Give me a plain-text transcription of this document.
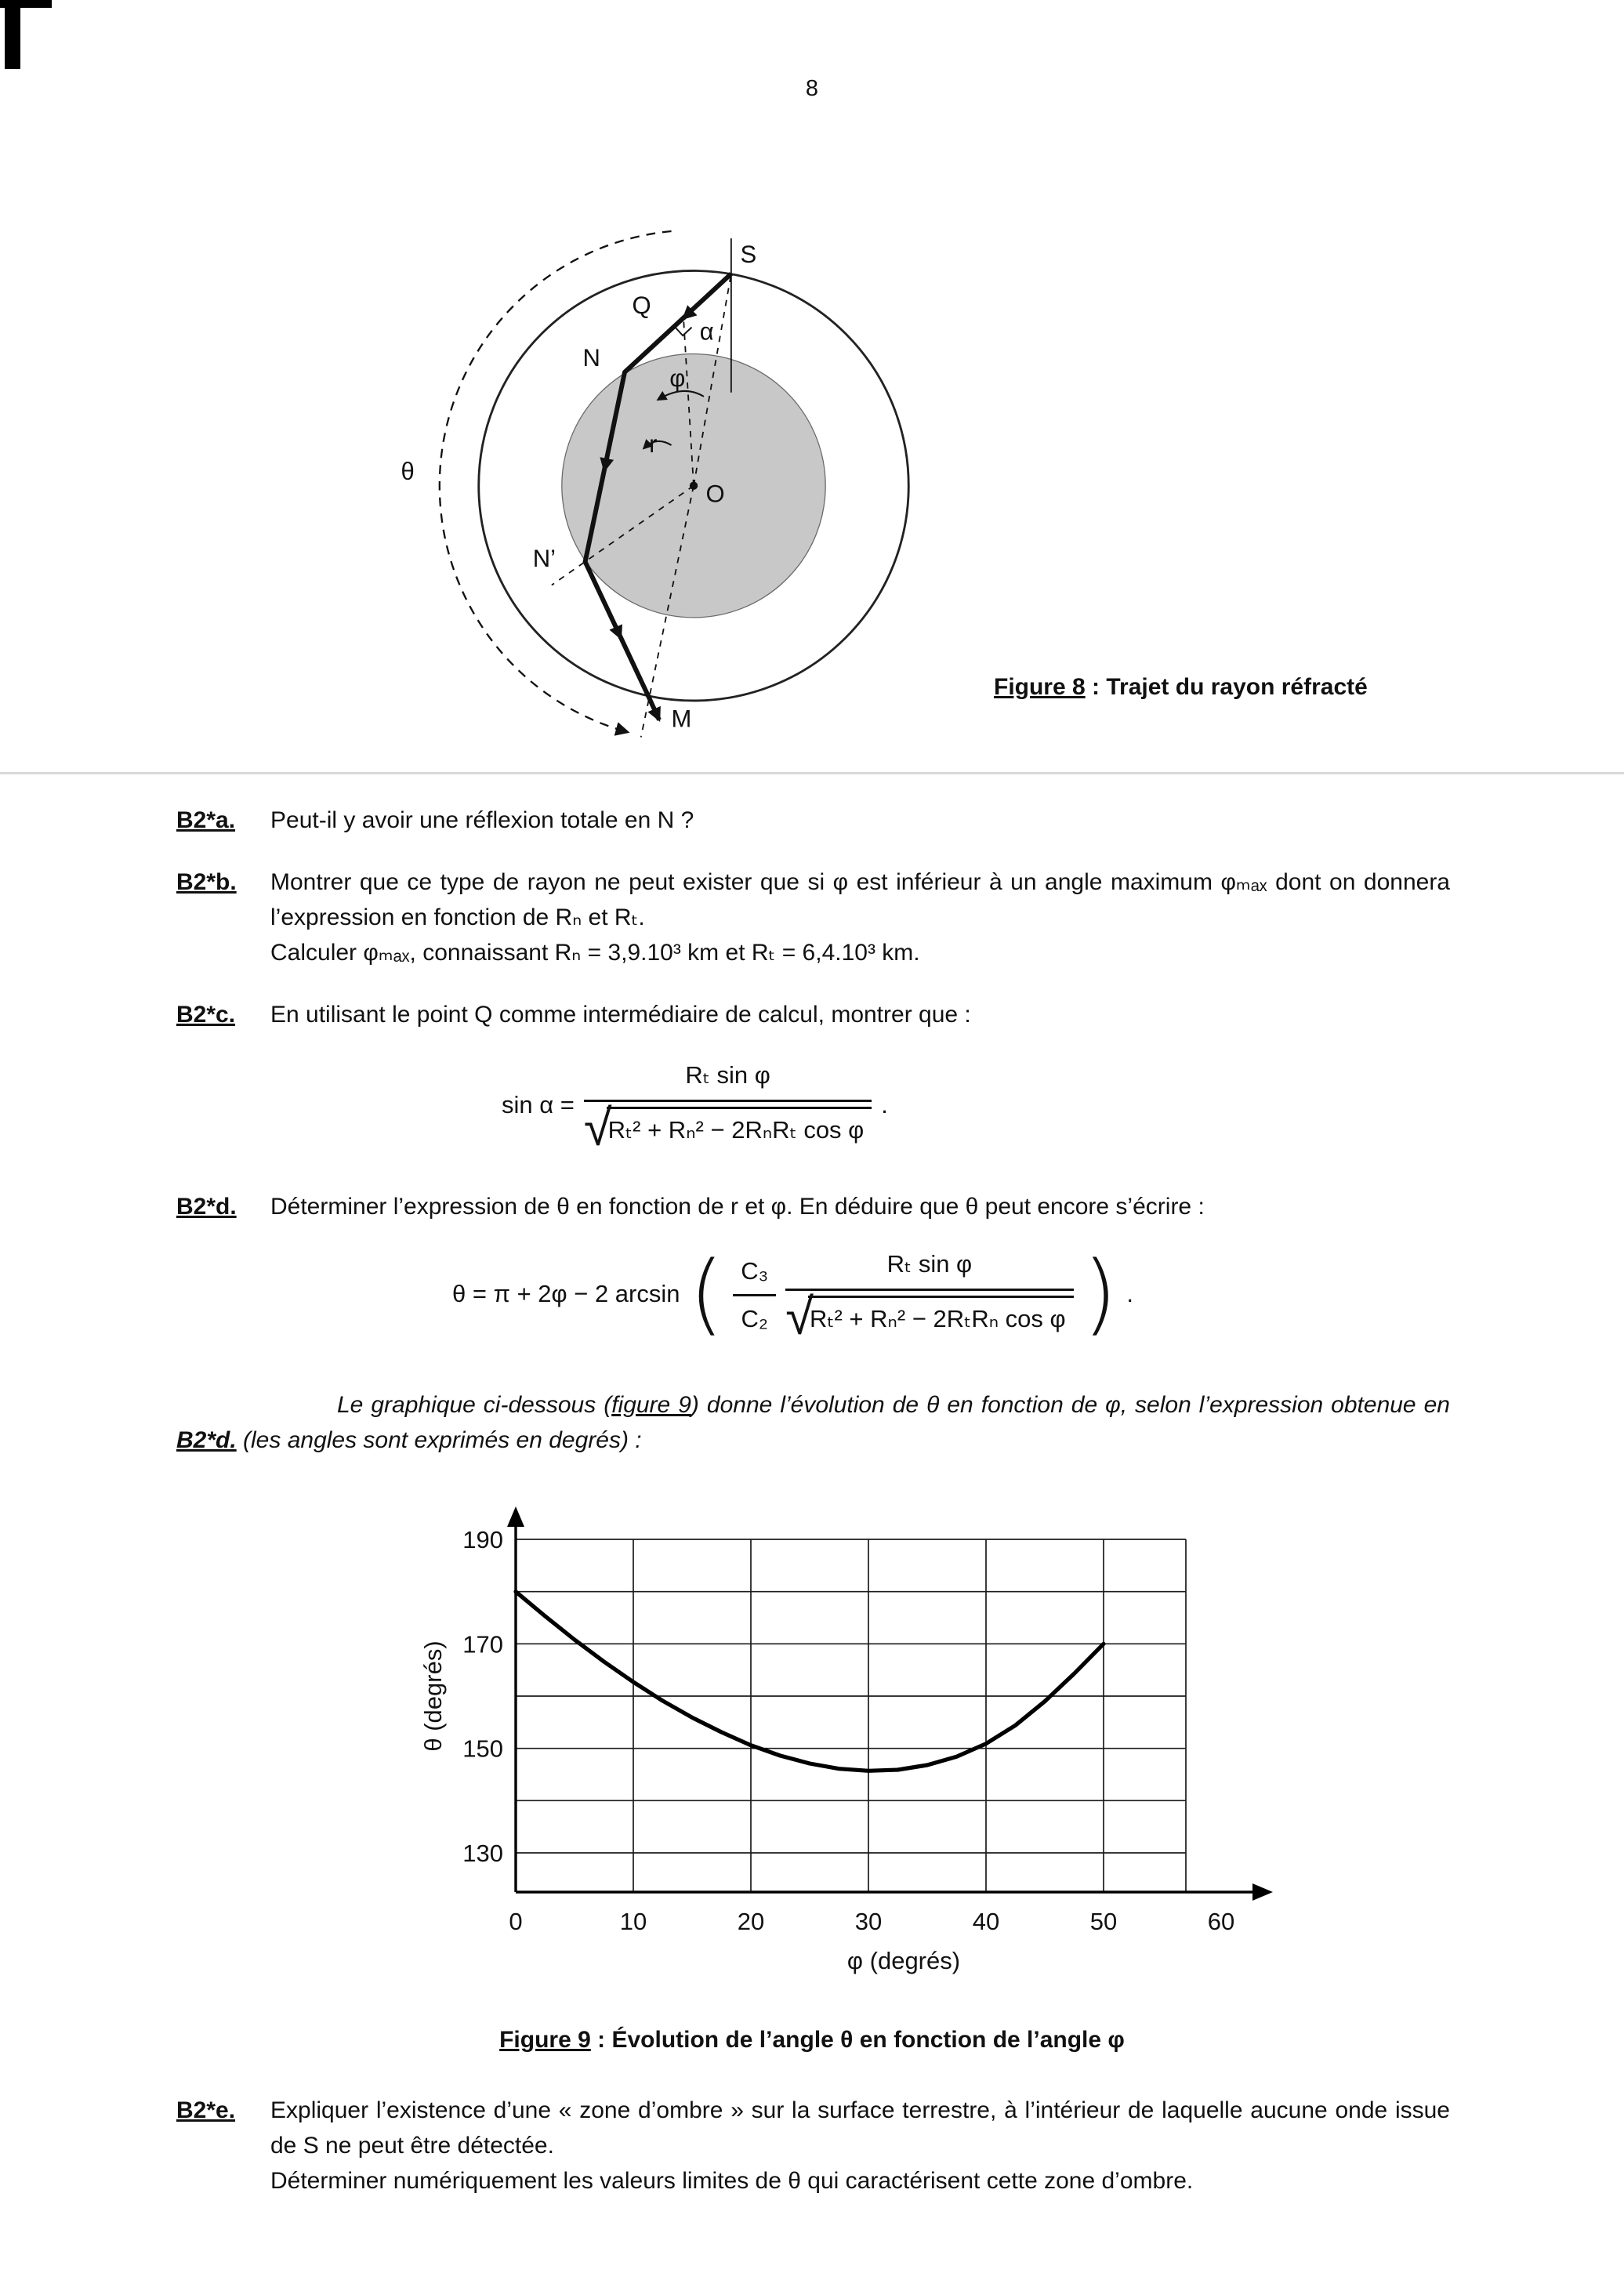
8
S
Q
α
N
φ
r
O
N’
M
θ
Figure 8 : Trajet du rayon réfracté
B2*a.	Peut-il y avoir une réflexion totale en N ?
B2*b.	Montrer que ce type de rayon ne peut exister que si φ est inférieur à un angle maximum φₘₐₓ dont on donnera l’expression en fonction de Rₙ et Rₜ.

Calculer φₘₐₓ, connaissant Rₙ = 3,9.10³ km et Rₜ = 6,4.10³ km.

B2*c.	En utilisant le point Q comme intermédiaire de calcul, montrer que :

sin α = Rₜ sin φ
√
Rₜ² + Rₙ² − 2RₙRₜ cos φ .
B2*d.	Déterminer l’expression de θ en fonction de r et φ. En déduire que θ peut encore s’écrire :

θ = π + 2φ − 2 arcsin ( $\frac{\text{C₃}}{\text{C₂}}$ Rₜ sin φ
√
Rₜ² + Rₙ² − 2RₜRₙ cos φ ) .
Le graphique ci-dessous (figure 9) donne l’évolution de θ en fonction de φ, selon l’expression obtenue en B2*d. (les angles sont exprimés en degrés) :
130
150
170
190
0	10	20	30	40	50	60
θ (degrés)
φ (degrés)
Figure 9 : Évolution de l’angle θ en fonction de l’angle φ
B2*e.	Expliquer l’existence d’une « zone d’ombre » sur la surface terrestre, à l’intérieur de laquelle aucune onde issue de S ne peut être détectée.

Déterminer numériquement les valeurs limites de θ qui caractérisent cette zone d’ombre.
